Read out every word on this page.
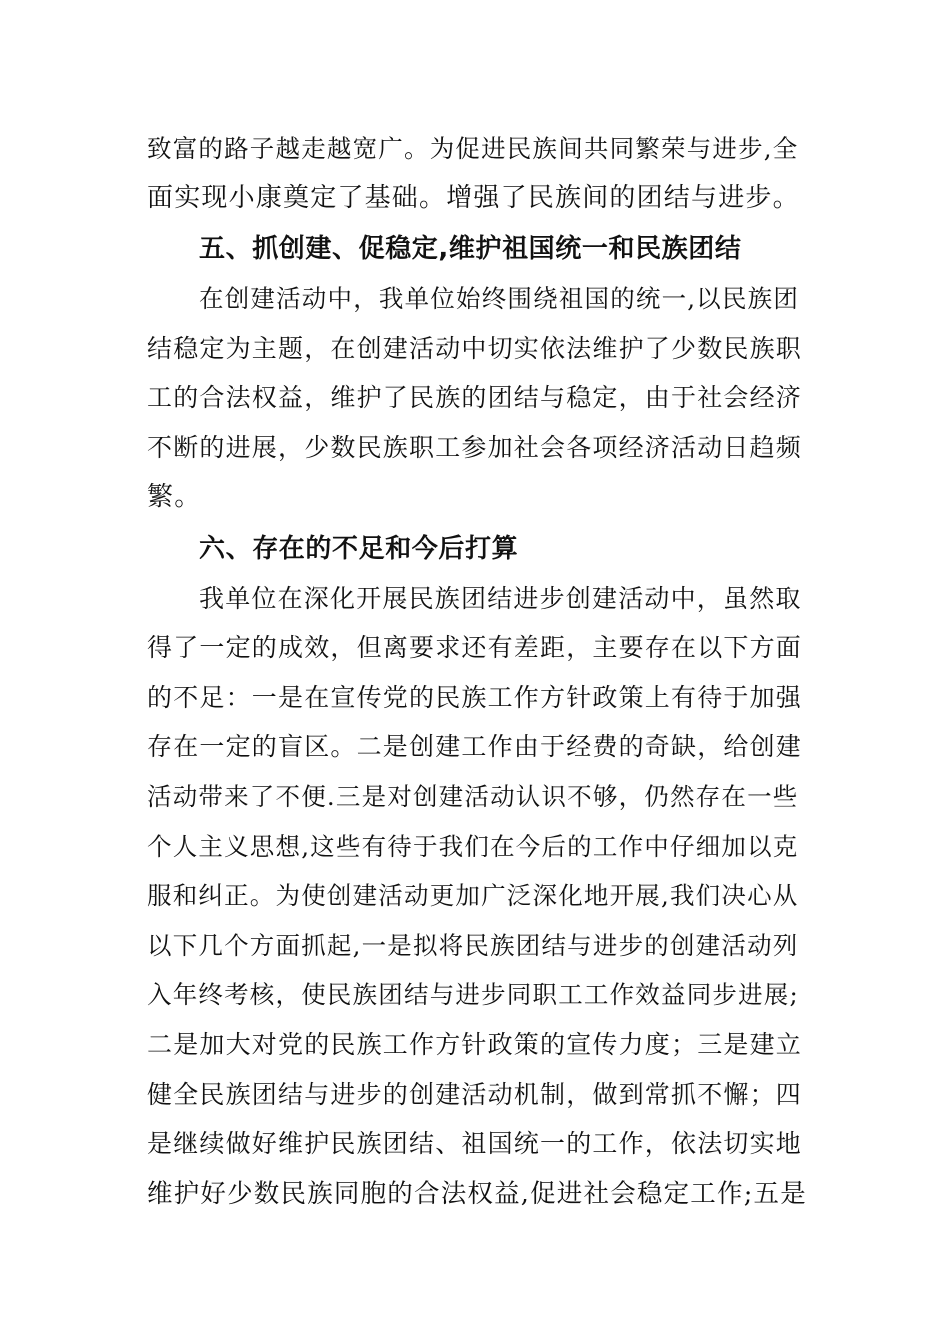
致富的路子越走越宽广。为促进民族间共同繁荣与进步,全
面实现小康奠定了基础。增强了民族间的团结与进步。
五、抓创建、促稳定,维护祖国统一和民族团结
在创建活动中，我单位始终围绕祖国的统一,以民族团
结稳定为主题，在创建活动中切实依法维护了少数民族职
工的合法权益，维护了民族的团结与稳定，由于社会经济
不断的进展，少数民族职工参加社会各项经济活动日趋频
繁。
六、存在的不足和今后打算
我单位在深化开展民族团结进步创建活动中，虽然取
得了一定的成效，但离要求还有差距，主要存在以下方面
的不足：一是在宣传党的民族工作方针政策上有待于加强
存在一定的盲区。二是创建工作由于经费的奇缺，给创建
活动带来了不便.三是对创建活动认识不够，仍然存在一些
个人主义思想,这些有待于我们在今后的工作中仔细加以克
服和纠正。为使创建活动更加广泛深化地开展,我们决心从
以下几个方面抓起,一是拟将民族团结与进步的创建活动列
入年终考核，使民族团结与进步同职工工作效益同步进展;
二是加大对党的民族工作方针政策的宣传力度；三是建立
健全民族团结与进步的创建活动机制，做到常抓不懈；四
是继续做好维护民族团结、祖国统一的工作，依法切实地
维护好少数民族同胞的合法权益,促进社会稳定工作;五是
